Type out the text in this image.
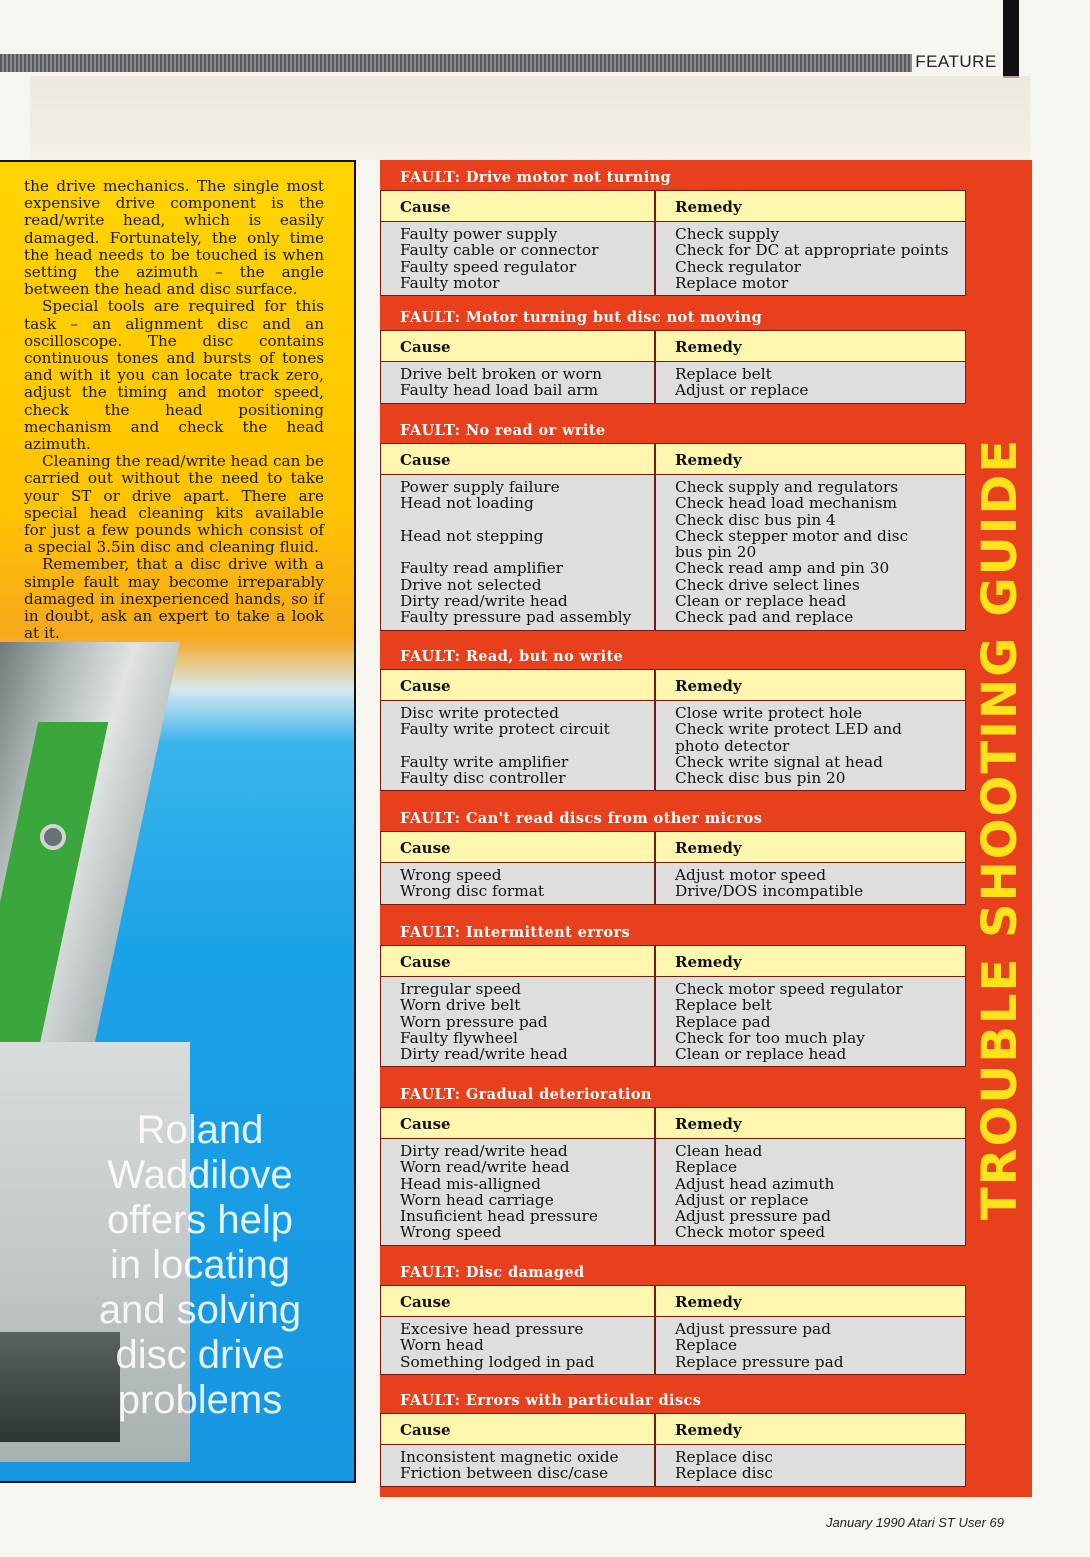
FEATURE

the drive mechanics. The single most expensive drive component is the read/write head, which is easily damaged. Fortunately, the only time the head needs to be touched is when setting the azimuth – the angle between the head and disc surface.

Special tools are required for this task – an alignment disc and an oscilloscope. The disc contains continuous tones and bursts of tones and with it you can locate track zero, adjust the timing and motor speed, check the head positioning mechanism and check the head azimuth.

Cleaning the read/write head can be carried out without the need to take your ST or drive apart. There are special head cleaning kits available for just a few pounds which consist of a special 3.5in disc and cleaning fluid.

Remember, that a disc drive with a simple fault may become irreparably damaged in inexperienced hands, so if in doubt, ask an expert to take a look at it.

Roland
Waddilove
offers help
in locating
and solving
disc drive
problems
TROUBLE SHOOTING GUIDE
FAULT: Drive motor not turning
Cause
Faulty power supply
Faulty cable or connector
Faulty speed regulator
Faulty motor
Remedy
Check supply
Check for DC at appropriate points
Check regulator
Replace motor
FAULT: Motor turning but disc not moving
Cause
Drive belt broken or worn
Faulty head load bail arm
Remedy
Replace belt
Adjust or replace
FAULT: No read or write
Cause
Power supply failure
Head not loading

Head not stepping

Faulty read amplifier
Drive not selected
Dirty read/write head
Faulty pressure pad assembly
Remedy
Check supply and regulators
Check head load mechanism
Check disc bus pin 4
Check stepper motor and disc
bus pin 20
Check read amp and pin 30
Check drive select lines
Clean or replace head
Check pad and replace
FAULT: Read, but no write
Cause
Disc write protected
Faulty write protect circuit

Faulty write amplifier
Faulty disc controller
Remedy
Close write protect hole
Check write protect LED and
photo detector
Check write signal at head
Check disc bus pin 20
FAULT: Can't read discs from other micros
Cause
Wrong speed
Wrong disc format
Remedy
Adjust motor speed
Drive/DOS incompatible
FAULT: Intermittent errors
Cause
Irregular speed
Worn drive belt
Worn pressure pad
Faulty flywheel
Dirty read/write head
Remedy
Check motor speed regulator
Replace belt
Replace pad
Check for too much play
Clean or replace head
FAULT: Gradual deterioration
Cause
Dirty read/write head
Worn read/write head
Head mis-alligned
Worn head carriage
Insuficient head pressure
Wrong speed
Remedy
Clean head
Replace
Adjust head azimuth
Adjust or replace
Adjust pressure pad
Check motor speed
FAULT: Disc damaged
Cause
Excesive head pressure
Worn head
Something lodged in pad
Remedy
Adjust pressure pad
Replace
Replace pressure pad
FAULT: Errors with particular discs
Cause
Inconsistent magnetic oxide
Friction between disc/case
Remedy
Replace disc
Replace disc
January 1990 Atari ST User 69
